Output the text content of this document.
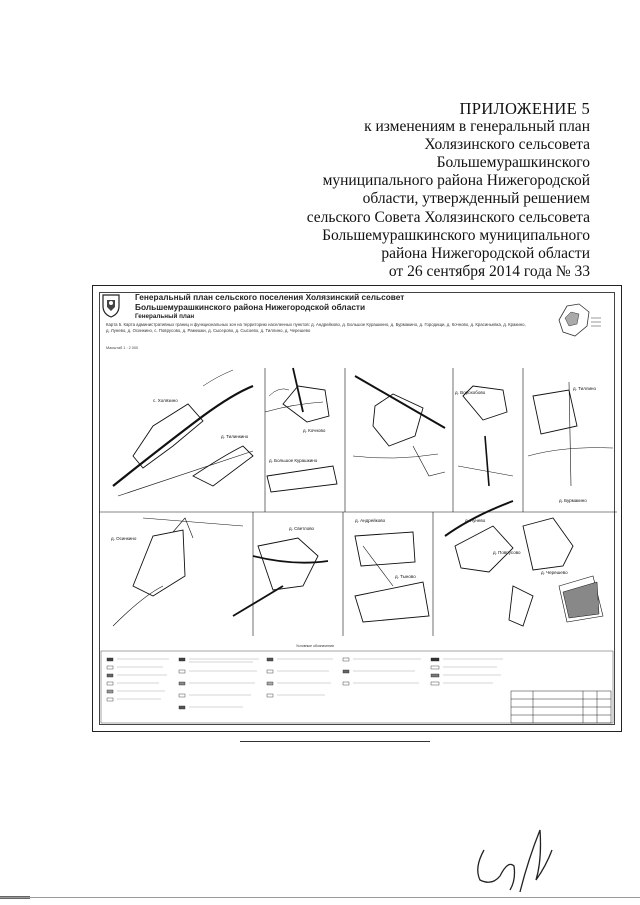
ПРИЛОЖЕНИЕ 5
к изменениям в генеральный план
Холязинского сельсовета
Большемурашкинского
муниципального района Нижегородской
области, утвержденный решением
сельского Совета Холязинского сельсовета
Большемурашкинского муниципального
района Нижегородской области
от 26 сентября 2014 года № 33
Генеральный план сельского поселения Холязинский сельсовет
Большемурашкинского района Нижегородской области
Генеральный план
Карта 5. Карта административных границ и функциональных зон на территорию населенных пунктов: д. Андрейково, д. Большое Курашкино, д. Бурмакино, д. Городищи, д. Кочново, д. Красиньевка, д. Кракино, д. Лунево, д. Осинкино, с. Поврусово, д. Рамешки, д. Сысерово, д. Сысоево, д. Тиллино, д. Черешево
Масштаб 1 : 2 000
с. Холязино
д. Тилинкино
д. Кочново
д. Большое Курашкино
д. Ворохобово
д. Тиллино
д. Осинкино
д. Светлово
д. Андрейково	д. Лунево
д. Поврусово
д. Бурмакино
д. Тыново
д. Черешево
Условные обозначения
